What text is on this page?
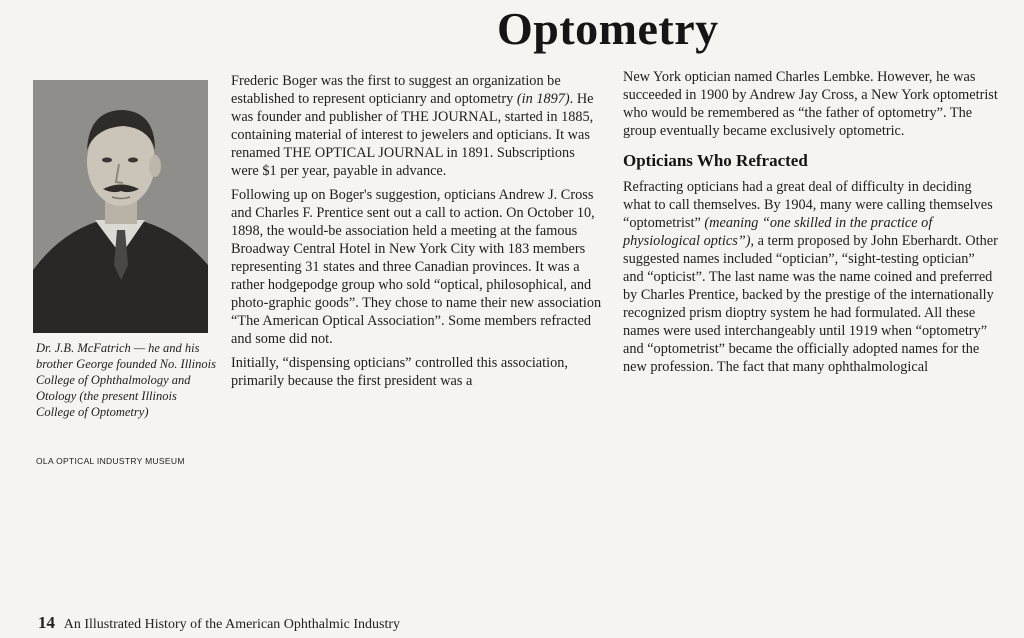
Optometry
Dr. J.B. McFatrich — he and his brother George founded No. Illinois College of Ophthalmology and Otology (the present Illinois College of Optometry)
OLA OPTICAL INDUSTRY MUSEUM

Frederic Boger was the first to suggest an organization be established to represent opticianry and optometry (in 1897). He was founder and publisher of THE JOURNAL, started in 1885, containing material of interest to jewelers and opticians. It was renamed THE OPTICAL JOURNAL in 1891. Subscriptions were $1 per year, payable in advance.

Following up on Boger's suggestion, opticians Andrew J. Cross and Charles F. Prentice sent out a call to action. On October 10, 1898, the would-be association held a meeting at the famous Broadway Central Hotel in New York City with 183 members representing 31 states and three Canadian provinces. It was a rather hodgepodge group who sold “optical, philosophical, and photo-graphic goods”. They chose to name their new association “The American Optical Association”. Some members refracted and some did not.

Initially, “dispensing opticians” controlled this association, primarily because the first president was a

New York optician named Charles Lembke. However, he was succeeded in 1900 by Andrew Jay Cross, a New York optometrist who would be remembered as “the father of optometry”. The group eventually became exclusively optometric.

Opticians Who Refracted

Refracting opticians had a great deal of difficulty in deciding what to call themselves. By 1904, many were calling themselves “optometrist” (meaning “one skilled in the practice of physiological optics”), a term proposed by John Eberhardt. Other suggested names included “optician”, “sight-testing optician” and “opticist”. The last name was the name coined and preferred by Charles Prentice, backed by the prestige of the internationally recognized prism dioptry system he had formulated. All these names were used interchangeably until 1919 when “optometry” and “optometrist” became the officially adopted names for the new profession. The fact that many ophthalmological

14 An Illustrated History of the American Ophthalmic Industry
